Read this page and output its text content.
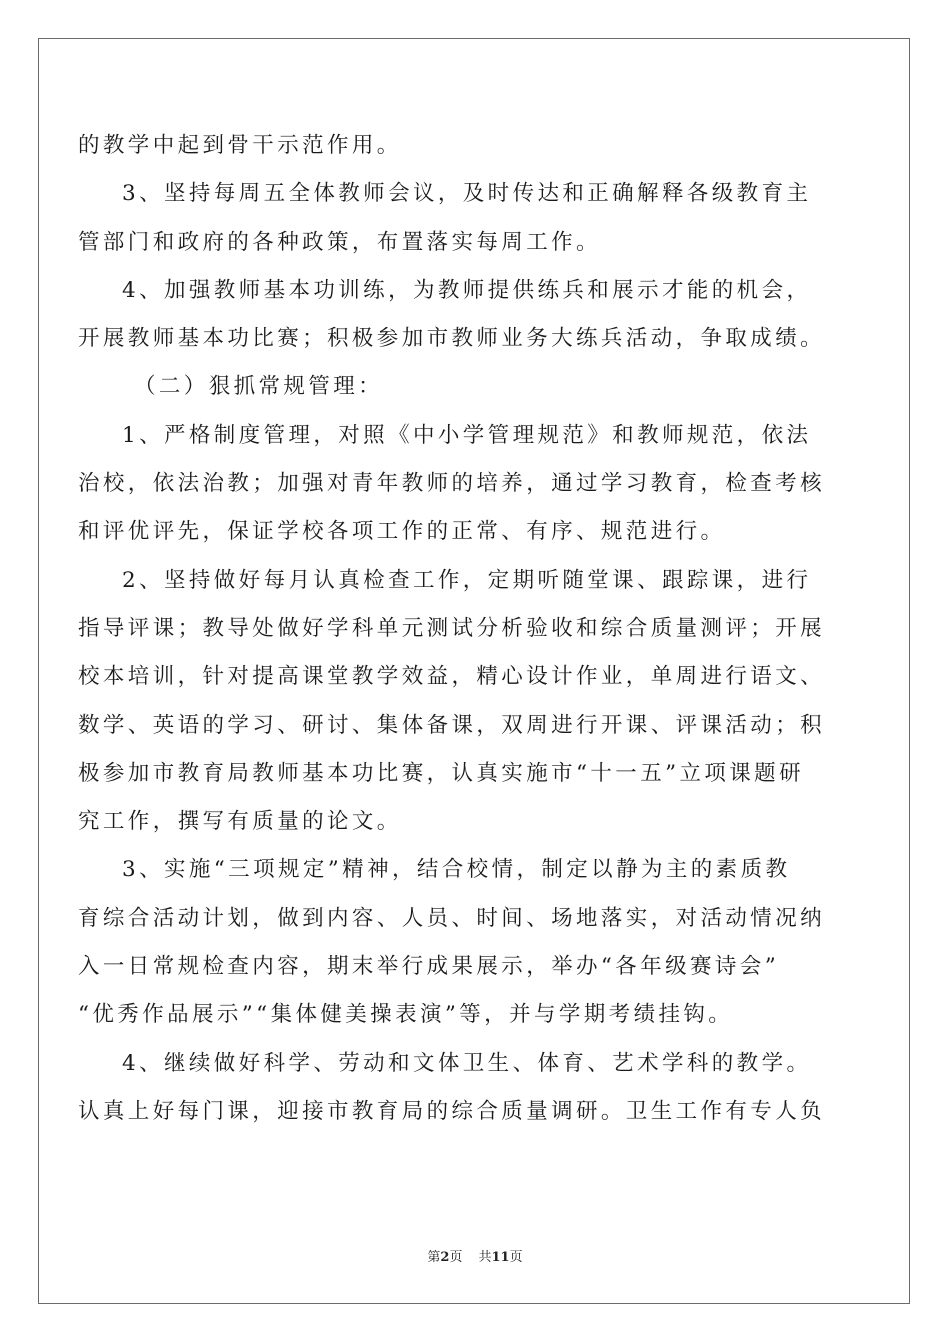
的教学中起到骨干示范作用。
3、坚持每周五全体教师会议，及时传达和正确解释各级教育主
管部门和政府的各种政策，布置落实每周工作。
4、加强教师基本功训练，为教师提供练兵和展示才能的机会，
开展教师基本功比赛；积极参加市教师业务大练兵活动，争取成绩。
（二）狠抓常规管理：
1、严格制度管理，对照《中小学管理规范》和教师规范，依法
治校，依法治教；加强对青年教师的培养，通过学习教育，检查考核
和评优评先，保证学校各项工作的正常、有序、规范进行。
2、坚持做好每月认真检查工作，定期听随堂课、跟踪课，进行
指导评课；教导处做好学科单元测试分析验收和综合质量测评；开展
校本培训，针对提高课堂教学效益，精心设计作业，单周进行语文、
数学、英语的学习、研讨、集体备课，双周进行开课、评课活动；积
极参加市教育局教师基本功比赛，认真实施市“十一五”立项课题研
究工作，撰写有质量的论文。
3、实施“三项规定”精神，结合校情，制定以静为主的素质教
育综合活动计划，做到内容、人员、时间、场地落实，对活动情况纳
入一日常规检查内容，期末举行成果展示，举办“各年级赛诗会”
“优秀作品展示”“集体健美操表演”等，并与学期考绩挂钩。
4、继续做好科学、劳动和文体卫生、体育、艺术学科的教学。
认真上好每门课，迎接市教育局的综合质量调研。卫生工作有专人负
第2页 共11页
